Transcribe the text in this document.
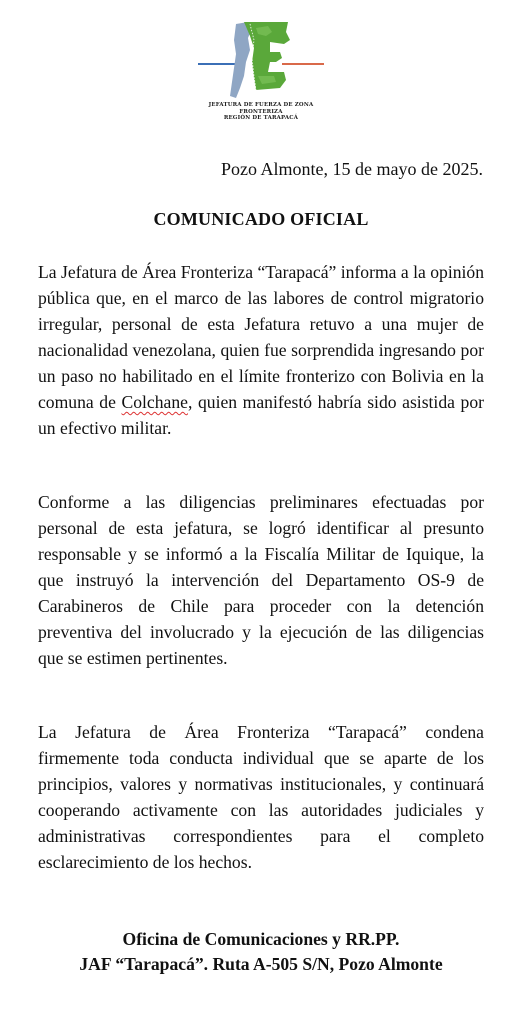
JEFATURA DE FUERZA DE ZONA
FRONTERIZA
REGIÓN DE TARAPACÁ
Pozo Almonte, 15 de mayo de 2025.
COMUNICADO OFICIAL

La Jefatura de Área Fronteriza “Tarapacá” informa a la opinión pública que, en el marco de las labores de control migratorio irregular, personal de esta Jefatura retuvo a una mujer de nacionalidad venezolana, quien fue sorprendida ingresando por un paso no habilitado en el límite fronterizo con Bolivia en la comuna de Colchane, quien manifestó habría sido asistida por un efectivo militar.

Conforme a las diligencias preliminares efectuadas por personal de esta jefatura, se logró identificar al presunto responsable y se informó a la Fiscalía Militar de Iquique, la que instruyó la intervención del Departamento OS-9 de Carabineros de Chile para proceder con la detención preventiva del involucrado y la ejecución de las diligencias que se estimen pertinentes.

La Jefatura de Área Fronteriza “Tarapacá” condena firmemente toda conducta individual que se aparte de los principios, valores y normativas institucionales, y continuará cooperando activamente con las autoridades judiciales y administrativas correspondientes para el completo esclarecimiento de los hechos.

Oficina de Comunicaciones y RR.PP.
JAF “Tarapacá”. Ruta A-505 S/N, Pozo Almonte
